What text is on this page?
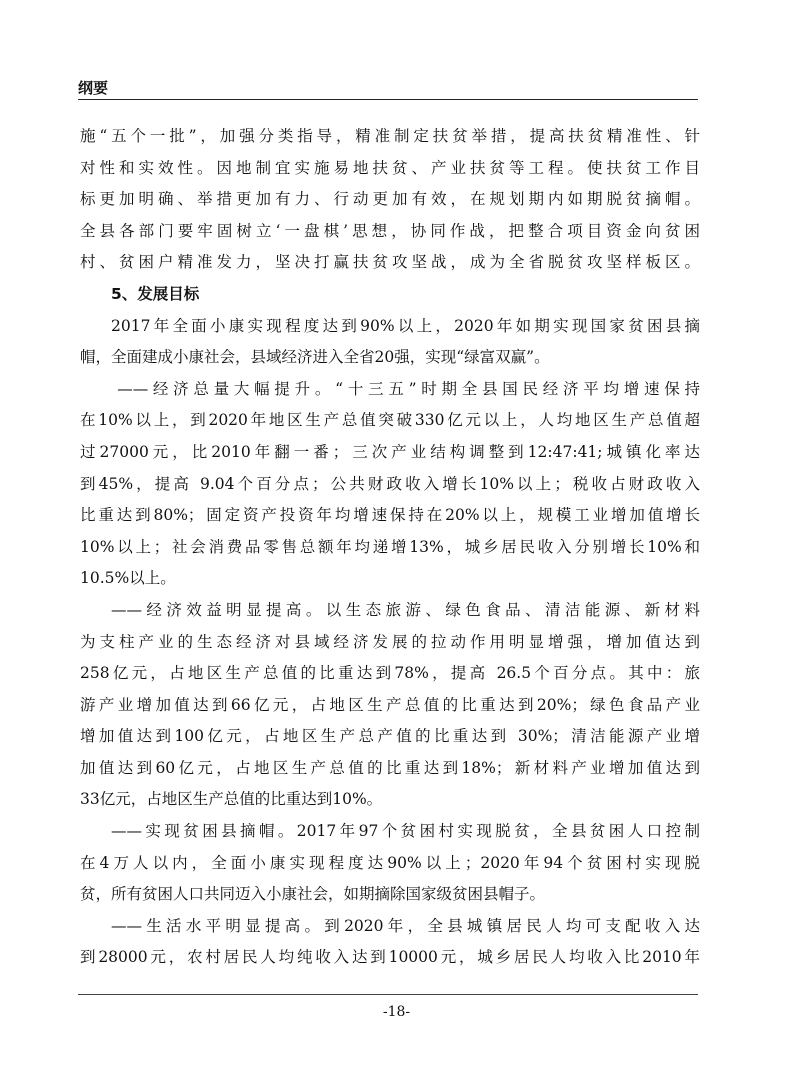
纲要
施“五个一批”，加强分类指导，精准制定扶贫举措，提高扶贫精准性、针
对性和实效性。因地制宜实施易地扶贫、产业扶贫等工程。使扶贫工作目
标更加明确、举措更加有力、行动更加有效，在规划期内如期脱贫摘帽。
全县各部门要牢固树立‘一盘棋’思想，协同作战，把整合项目资金向贫困
村、贫困户精准发力，坚决打赢扶贫攻坚战，成为全省脱贫攻坚样板区。
5、发展目标
2017年全面小康实现程度达到90%以上，2020年如期实现国家贫困县摘
帽，全面建成小康社会，县域经济进入全省20强，实现“绿富双赢”。
——经济总量大幅提升。“十三五”时期全县国民经济平均增速保持
在10%以上，到2020年地区生产总值突破330亿元以上，人均地区生产总值超
过27000元，比2010年翻一番；三次产业结构调整到12:47:41;城镇化率达
到45%，提高 9.04个百分点；公共财政收入增长10%以上；税收占财政收入
比重达到80%；固定资产投资年均增速保持在20%以上，规模工业增加值增长
10%以上；社会消费品零售总额年均递增13%，城乡居民收入分别增长10%和
10.5%以上。
——经济效益明显提高。以生态旅游、绿色食品、清洁能源、新材料
为支柱产业的生态经济对县域经济发展的拉动作用明显增强，增加值达到
258亿元，占地区生产总值的比重达到78%，提高 26.5个百分点。其中：旅
游产业增加值达到66亿元，占地区生产总值的比重达到20%；绿色食品产业
增加值达到100亿元，占地区生产总产值的比重达到 30%；清洁能源产业增
加值达到60亿元，占地区生产总值的比重达到18%；新材料产业增加值达到
33亿元，占地区生产总值的比重达到10%。
——实现贫困县摘帽。2017年97个贫困村实现脱贫，全县贫困人口控制
在4万人以内，全面小康实现程度达90%以上；2020年94个贫困村实现脱
贫，所有贫困人口共同迈入小康社会，如期摘除国家级贫困县帽子。
——生活水平明显提高。到2020年，全县城镇居民人均可支配收入达
到28000元，农村居民人均纯收入达到10000元，城乡居民人均收入比2010年
-18-
